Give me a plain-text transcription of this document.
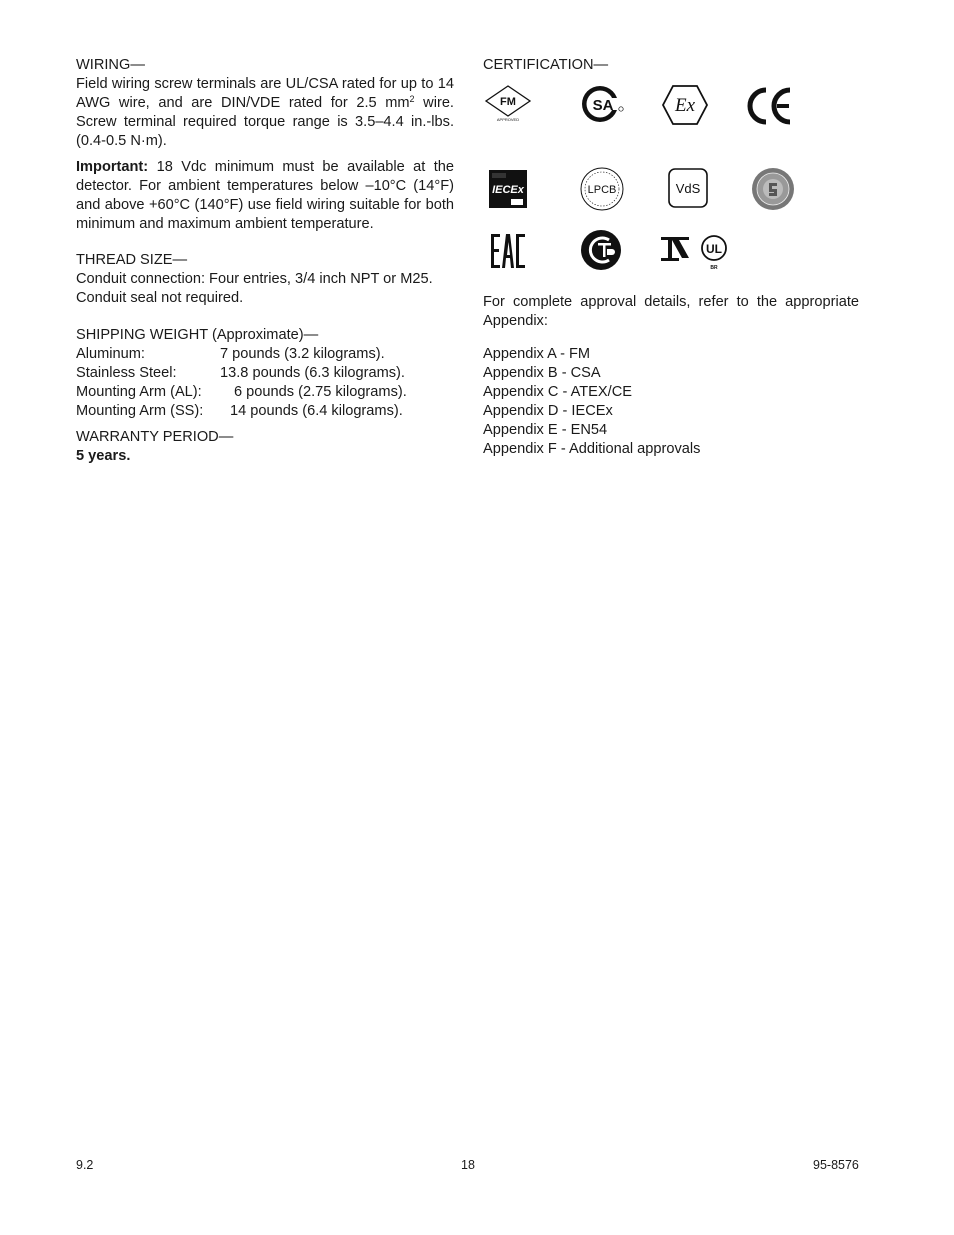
WIRING—

Field wiring screw terminals are UL/CSA rated for up to 14 AWG wire, and are DIN/VDE rated for 2.5 $mm^2$ wire. Screw terminal required torque range is 3.5–4.4 in.-lbs. (0.4-0.5 N·m).

Important: 18 Vdc minimum must be available at the detector. For ambient temperatures below –10°C (14°F) and above +60°C (140°F) use field wiring suitable for both minimum and maximum ambient temperature.

THREAD SIZE—
Conduit connection: Four entries, 3/4 inch NPT or M25.
Conduit seal not required.
SHIPPING WEIGHT (Approximate)—
Aluminum:	7 pounds (3.2 kilograms).
Stainless Steel:	13.8 pounds (6.3 kilograms).
Mounting Arm (AL):	6 pounds (2.75 kilograms).
Mounting Arm (SS):	14 pounds (6.4 kilograms).
WARRANTY PERIOD—
5 years.
CERTIFICATION—
FM
APPROVED
SA	Ex
IECEx	LPCB	VdS
UL
BR

For complete approval details, refer to the appropriate Appendix:

Appendix A - FM
Appendix B - CSA
Appendix C - ATEX/CE
Appendix D - IECEx
Appendix E - EN54
Appendix F - Additional approvals
9.2	18	95-8576
